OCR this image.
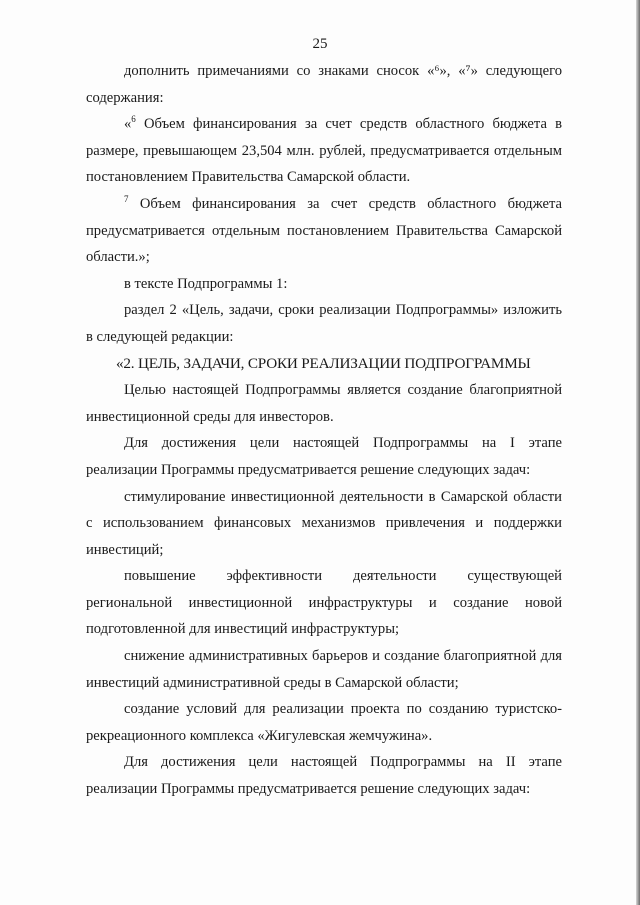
25

дополнить примечаниями со знаками сносок «⁶», «⁷» следующего содержания:

«$^6$ Объем финансирования за счет средств областного бюджета в размере, превышающем 23,504 млн. рублей, предусматривается отдельным постановлением Правительства Самарской области.

$^7$ Объем финансирования за счет средств областного бюджета предусматривается отдельным постановлением Правительства Самарской области.»;

в тексте Подпрограммы 1:

раздел 2 «Цель, задачи, сроки реализации Подпрограммы» изложить в следующей редакции:

«2. ЦЕЛЬ, ЗАДАЧИ, СРОКИ РЕАЛИЗАЦИИ ПОДПРОГРАММЫ

Целью настоящей Подпрограммы является создание благоприятной инвестиционной среды для инвесторов.

Для достижения цели настоящей Подпрограммы на I этапе реализации Программы предусматривается решение следующих задач:

стимулирование инвестиционной деятельности в Самарской области с использованием финансовых механизмов привлечения и поддержки инвестиций;

повышение эффективности деятельности существующей региональной инвестиционной инфраструктуры и создание новой подготовленной для инвестиций инфраструктуры;

снижение административных барьеров и создание благоприятной для инвестиций административной среды в Самарской области;

создание условий для реализации проекта по созданию туристско-рекреационного комплекса «Жигулевская жемчужина».

Для достижения цели настоящей Подпрограммы на II этапе реализации Программы предусматривается решение следующих задач:
